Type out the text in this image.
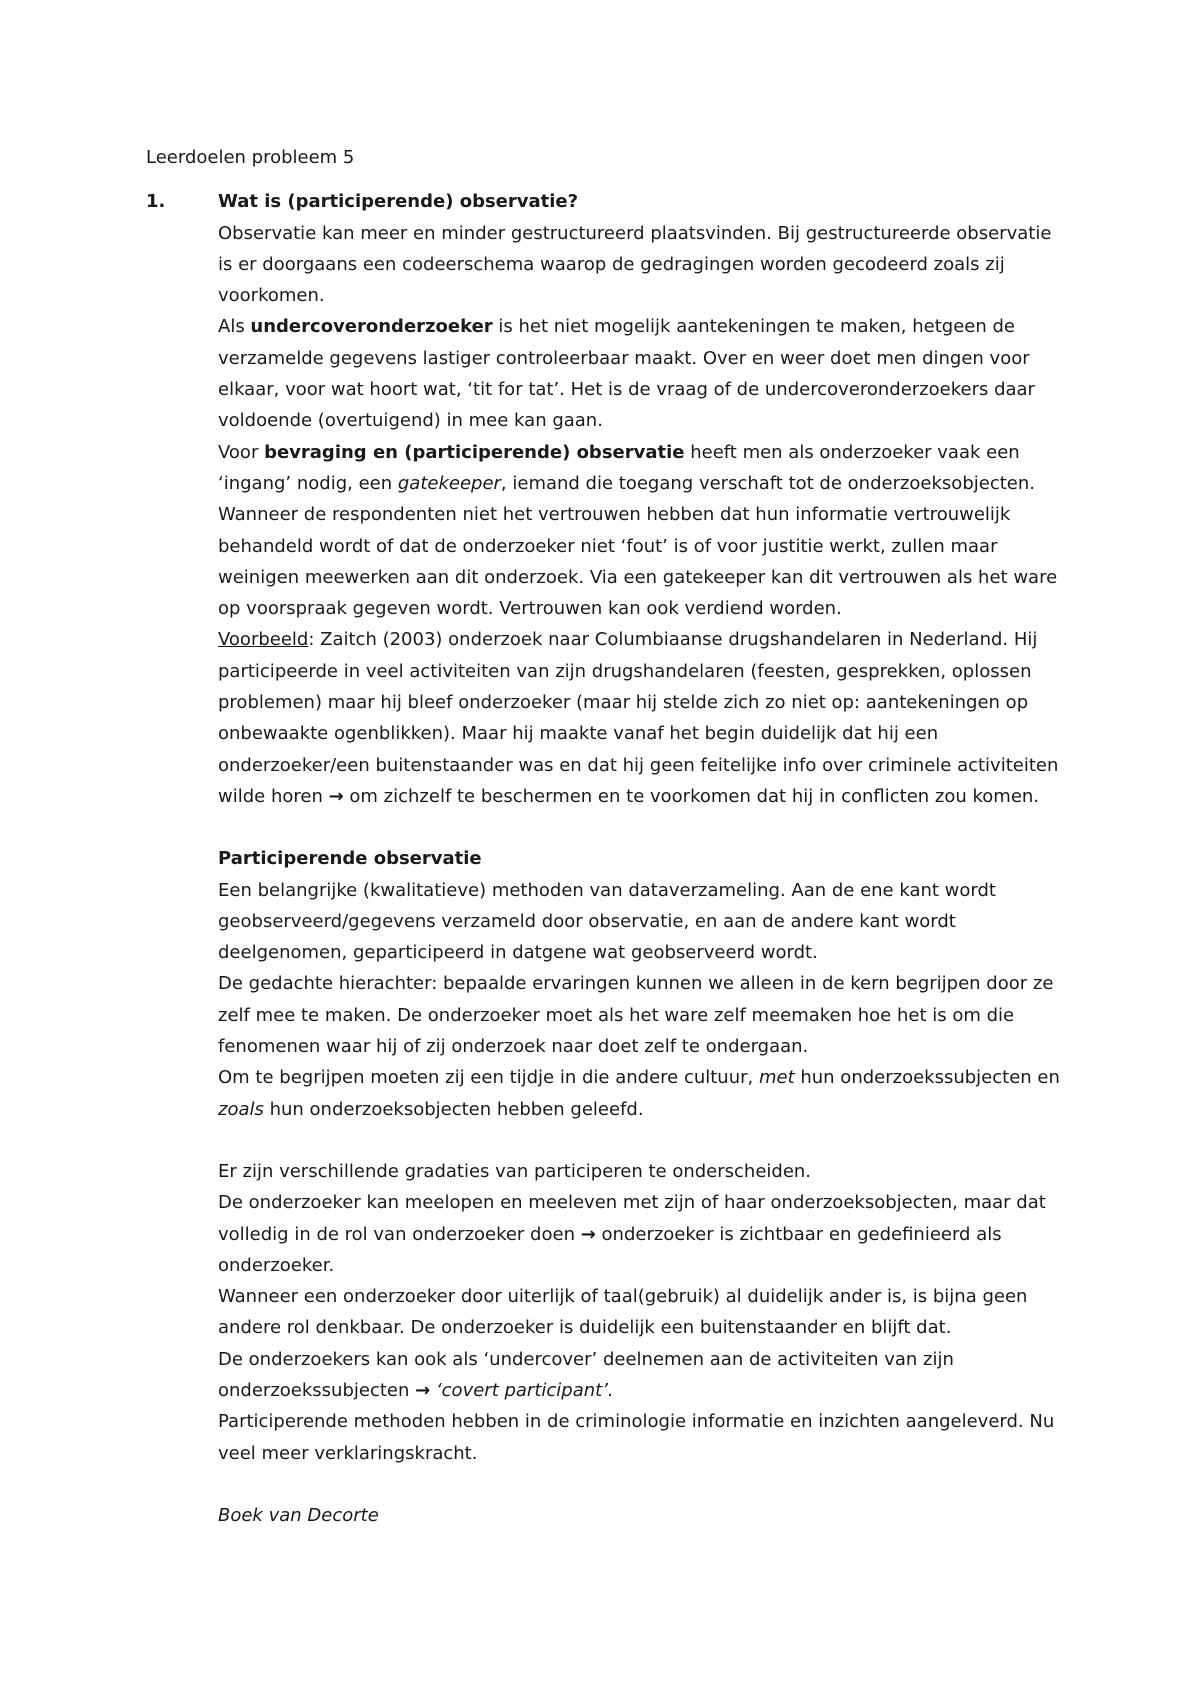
Leerdoelen probleem 5

1.	Wat is (participerende) observatie?

Observatie kan meer en minder gestructureerd plaatsvinden. Bij gestructureerde observatie is er doorgaans een codeerschema waarop de gedragingen worden gecodeerd zoals zij voorkomen.

Als undercoveronderzoeker is het niet mogelijk aantekeningen te maken, hetgeen de verzamelde gegevens lastiger controleerbaar maakt. Over en weer doet men dingen voor elkaar, voor wat hoort wat, ‘tit for tat’. Het is de vraag of de undercoveronderzoekers daar voldoende (overtuigend) in mee kan gaan.

Voor bevraging en (participerende) observatie heeft men als onderzoeker vaak een ‘ingang’ nodig, een gatekeeper, iemand die toegang verschaft tot de onderzoeksobjecten. Wanneer de respondenten niet het vertrouwen hebben dat hun informatie vertrouwelijk behandeld wordt of dat de onderzoeker niet ‘fout’ is of voor justitie werkt, zullen maar weinigen meewerken aan dit onderzoek. Via een gatekeeper kan dit vertrouwen als het ware op voorspraak gegeven wordt. Vertrouwen kan ook verdiend worden.

Voorbeeld: Zaitch (2003) onderzoek naar Columbiaanse drugshandelaren in Nederland. Hij participeerde in veel activiteiten van zijn drugshandelaren (feesten, gesprekken, oplossen problemen) maar hij bleef onderzoeker (maar hij stelde zich zo niet op: aantekeningen op onbewaakte ogenblikken). Maar hij maakte vanaf het begin duidelijk dat hij een onderzoeker/een buitenstaander was en dat hij geen feitelijke info over criminele activiteiten wilde horen → om zichzelf te beschermen en te voorkomen dat hij in conflicten zou komen.

Participerende observatie

Een belangrijke (kwalitatieve) methoden van dataverzameling. Aan de ene kant wordt geobserveerd/gegevens verzameld door observatie, en aan de andere kant wordt deelgenomen, geparticipeerd in datgene wat geobserveerd wordt.

De gedachte hierachter: bepaalde ervaringen kunnen we alleen in de kern begrijpen door ze zelf mee te maken. De onderzoeker moet als het ware zelf meemaken hoe het is om die fenomenen waar hij of zij onderzoek naar doet zelf te ondergaan.

Om te begrijpen moeten zij een tijdje in die andere cultuur, met hun onderzoekssubjecten en zoals hun onderzoeksobjecten hebben geleefd.

Er zijn verschillende gradaties van participeren te onderscheiden.

De onderzoeker kan meelopen en meeleven met zijn of haar onderzoeksobjecten, maar dat volledig in de rol van onderzoeker doen → onderzoeker is zichtbaar en gedefinieerd als onderzoeker.

Wanneer een onderzoeker door uiterlijk of taal(gebruik) al duidelijk ander is, is bijna geen andere rol denkbaar. De onderzoeker is duidelijk een buitenstaander en blijft dat.

De onderzoekers kan ook als ‘undercover’ deelnemen aan de activiteiten van zijn onderzoekssubjecten → ‘covert participant’.

Participerende methoden hebben in de criminologie informatie en inzichten aangeleverd. Nu veel meer verklaringskracht.

Boek van Decorte
